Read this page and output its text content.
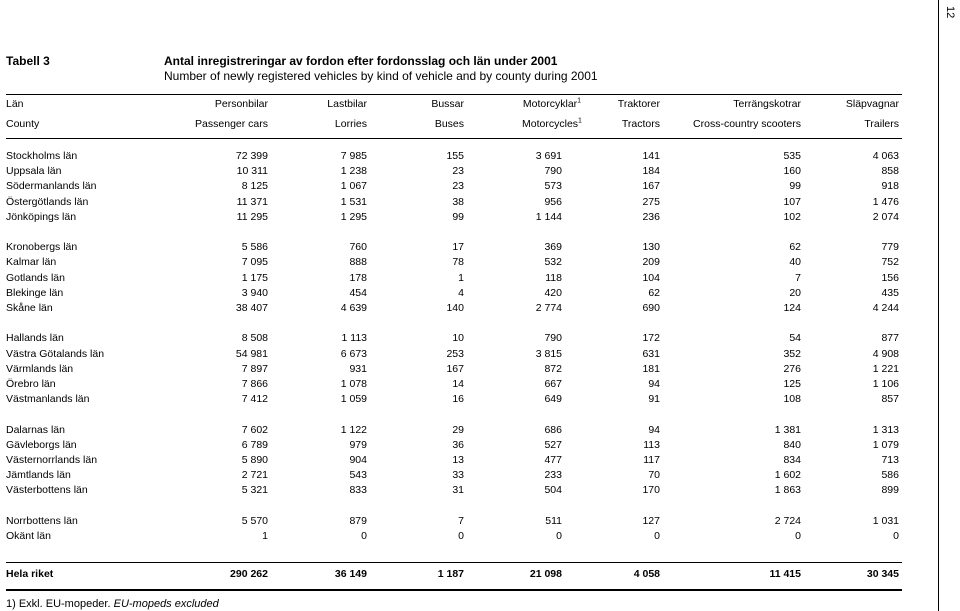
12
Tabell 3	Antal inregistreringar av fordon efter fordonsslag och län under 2001
Number of newly registered vehicles by kind of vehicle and by county during 2001
Län	Personbilar	Lastbilar	Bussar	Motorcyklar$^1$	Traktorer	Terrängskotrar	Släpvagnar
County	Passenger cars	Lorries	Buses	Motorcycles$^1$	Tractors	Cross-country scooters	Trailers
Stockholms län	72 399	7 985	155	3 691	141	535	4 063
Uppsala län	10 311	1 238	23	790	184	160	858
Södermanlands län	8 125	1 067	23	573	167	99	918
Östergötlands län	11 371	1 531	38	956	275	107	1 476
Jönköpings län	11 295	1 295	99	1 144	236	102	2 074
Kronobergs län	5 586	760	17	369	130	62	779
Kalmar län	7 095	888	78	532	209	40	752
Gotlands län	1 175	178	1	118	104	7	156
Blekinge län	3 940	454	4	420	62	20	435
Skåne län	38 407	4 639	140	2 774	690	124	4 244
Hallands län	8 508	1 113	10	790	172	54	877
Västra Götalands län	54 981	6 673	253	3 815	631	352	4 908
Värmlands län	7 897	931	167	872	181	276	1 221
Örebro län	7 866	1 078	14	667	94	125	1 106
Västmanlands län	7 412	1 059	16	649	91	108	857
Dalarnas län	7 602	1 122	29	686	94	1 381	1 313
Gävleborgs län	6 789	979	36	527	113	840	1 079
Västernorrlands län	5 890	904	13	477	117	834	713
Jämtlands län	2 721	543	33	233	70	1 602	586
Västerbottens län	5 321	833	31	504	170	1 863	899
Norrbottens län	5 570	879	7	511	127	2 724	1 031
Okänt län	1	0	0	0	0	0	0
Hela riket	290 262	36 149	1 187	21 098	4 058	11 415	30 345
1) Exkl. EU-mopeder. EU-mopeds excluded
